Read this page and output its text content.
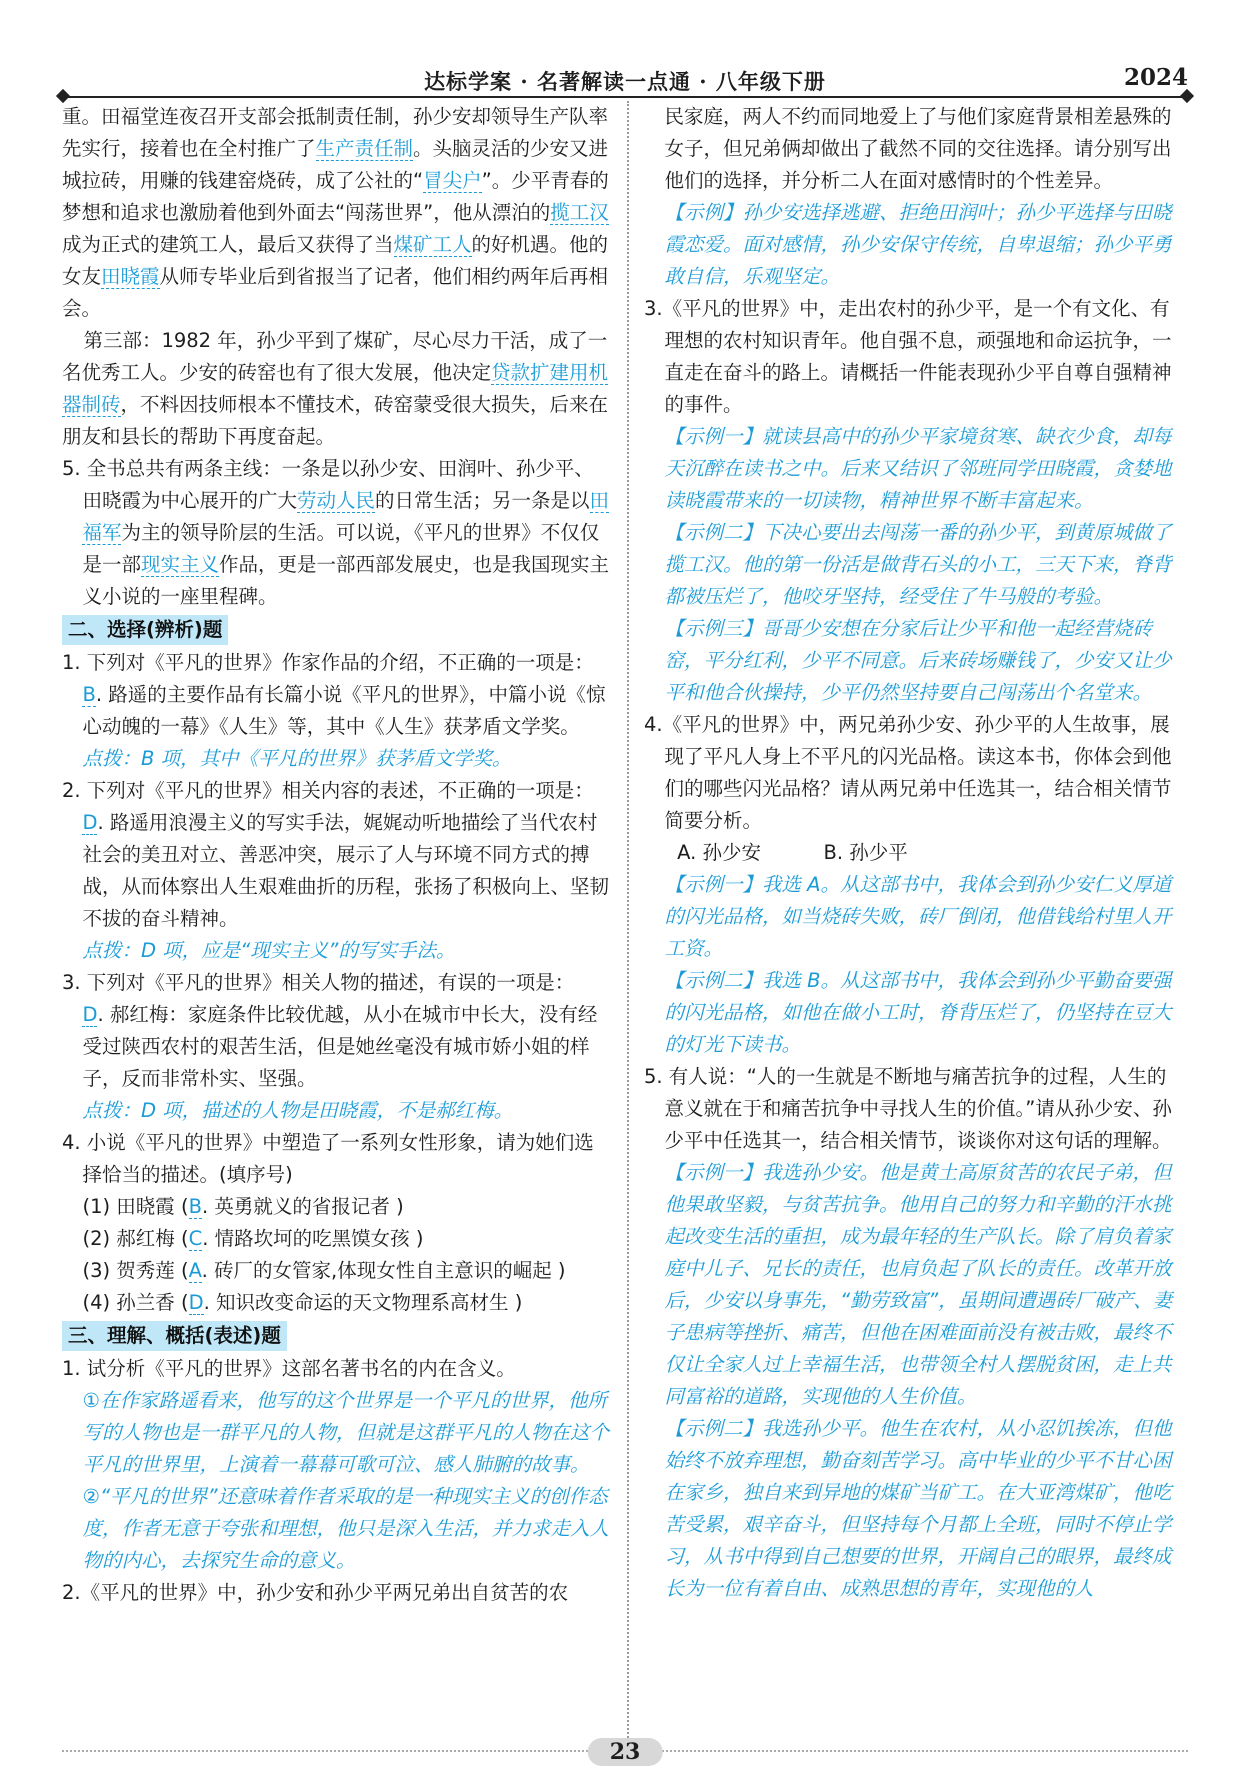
达标学案 · 名著解读一点通 · 八年级下册	2024

重。田福堂连夜召开支部会抵制责任制，孙少安却领导生产队率先实行，接着也在全村推广了生产责任制。头脑灵活的少安又进城拉砖，用赚的钱建窑烧砖，成了公社的“冒尖户”。少平青春的梦想和追求也激励着他到外面去“闯荡世界”，他从漂泊的揽工汉成为正式的建筑工人，最后又获得了当煤矿工人的好机遇。他的女友田晓霞从师专毕业后到省报当了记者，他们相约两年后再相会。

第三部：1982 年，孙少平到了煤矿，尽心尽力干活，成了一名优秀工人。少安的砖窑也有了很大发展，他决定贷款扩建用机器制砖，不料因技师根本不懂技术，砖窑蒙受很大损失，后来在朋友和县长的帮助下再度奋起。

5. 全书总共有两条主线：一条是以孙少安、田润叶、孙少平、田晓霞为中心展开的广大劳动人民的日常生活；另一条是以田福军为主的领导阶层的生活。可以说，《平凡的世界》不仅仅是一部现实主义作品，更是一部西部发展史，也是我国现实主义小说的一座里程碑。

二、选择(辨析)题

1. 下列对《平凡的世界》作家作品的介绍，不正确的一项是：

B. 路遥的主要作品有长篇小说《平凡的世界》，中篇小说《惊心动魄的一幕》《人生》等，其中《人生》获茅盾文学奖。

点拨：B 项，其中《平凡的世界》获茅盾文学奖。

2. 下列对《平凡的世界》相关内容的表述，不正确的一项是：

D. 路遥用浪漫主义的写实手法，娓娓动听地描绘了当代农村社会的美丑对立、善恶冲突，展示了人与环境不同方式的搏战，从而体察出人生艰难曲折的历程，张扬了积极向上、坚韧不拔的奋斗精神。

点拨：D 项，应是“现实主义”的写实手法。

3. 下列对《平凡的世界》相关人物的描述，有误的一项是：

D. 郝红梅：家庭条件比较优越，从小在城市中长大，没有经受过陕西农村的艰苦生活，但是她丝毫没有城市娇小姐的样子，反而非常朴实、坚强。

点拨：D 项，描述的人物是田晓霞，不是郝红梅。

4. 小说《平凡的世界》中塑造了一系列女性形象，请为她们选择恰当的描述。(填序号)

(1) 田晓霞 (B. 英勇就义的省报记者 )

(2) 郝红梅 (C. 情路坎坷的吃黑馍女孩 )

(3) 贺秀莲 (A. 砖厂的女管家,体现女性自主意识的崛起 )

(4) 孙兰香 (D. 知识改变命运的天文物理系高材生 )

三、理解、概括(表述)题

1. 试分析《平凡的世界》这部名著书名的内在含义。

①在作家路遥看来，他写的这个世界是一个平凡的世界，他所写的人物也是一群平凡的人物，但就是这群平凡的人物在这个平凡的世界里，上演着一幕幕可歌可泣、感人肺腑的故事。②“平凡的世界”还意味着作者采取的是一种现实主义的创作态度，作者无意于夸张和理想，他只是深入生活，并力求走入人物的内心，去探究生命的意义。

2.《平凡的世界》中，孙少安和孙少平两兄弟出自贫苦的农

民家庭，两人不约而同地爱上了与他们家庭背景相差悬殊的女子，但兄弟俩却做出了截然不同的交往选择。请分别写出他们的选择，并分析二人在面对感情时的个性差异。

【示例】孙少安选择逃避、拒绝田润叶；孙少平选择与田晓霞恋爱。面对感情，孙少安保守传统，自卑退缩；孙少平勇敢自信，乐观坚定。

3.《平凡的世界》中，走出农村的孙少平，是一个有文化、有理想的农村知识青年。他自强不息，顽强地和命运抗争，一直走在奋斗的路上。请概括一件能表现孙少平自尊自强精神的事件。

【示例一】就读县高中的孙少平家境贫寒、缺衣少食，却每天沉醉在读书之中。后来又结识了邻班同学田晓霞，贪婪地读晓霞带来的一切读物，精神世界不断丰富起来。

【示例二】下决心要出去闯荡一番的孙少平，到黄原城做了揽工汉。他的第一份活是做背石头的小工，三天下来，脊背都被压烂了，他咬牙坚持，经受住了牛马般的考验。

【示例三】哥哥少安想在分家后让少平和他一起经营烧砖窑，平分红利，少平不同意。后来砖场赚钱了，少安又让少平和他合伙操持，少平仍然坚持要自己闯荡出个名堂来。

4.《平凡的世界》中，两兄弟孙少安、孙少平的人生故事，展现了平凡人身上不平凡的闪光品格。读这本书，你体会到他们的哪些闪光品格？请从两兄弟中任选其一，结合相关情节简要分析。

A. 孙少安	B. 孙少平

【示例一】我选 A。从这部书中，我体会到孙少安仁义厚道的闪光品格，如当烧砖失败，砖厂倒闭，他借钱给村里人开工资。

【示例二】我选 B。从这部书中，我体会到孙少平勤奋要强的闪光品格，如他在做小工时，脊背压烂了，仍坚持在豆大的灯光下读书。

5. 有人说：“人的一生就是不断地与痛苦抗争的过程，人生的意义就在于和痛苦抗争中寻找人生的价值。”请从孙少安、孙少平中任选其一，结合相关情节，谈谈你对这句话的理解。

【示例一】我选孙少安。他是黄土高原贫苦的农民子弟，但他果敢坚毅，与贫苦抗争。他用自己的努力和辛勤的汗水挑起改变生活的重担，成为最年轻的生产队长。除了肩负着家庭中儿子、兄长的责任，也肩负起了队长的责任。改革开放后，少安以身事先，“勤劳致富”，虽期间遭遇砖厂破产、妻子患病等挫折、痛苦，但他在困难面前没有被击败，最终不仅让全家人过上幸福生活，也带领全村人摆脱贫困，走上共同富裕的道路，实现他的人生价值。

【示例二】我选孙少平。他生在农村，从小忍饥挨冻，但他始终不放弃理想，勤奋刻苦学习。高中毕业的少平不甘心困在家乡，独自来到异地的煤矿当矿工。在大亚湾煤矿，他吃苦受累，艰辛奋斗，但坚持每个月都上全班，同时不停止学习，从书中得到自己想要的世界，开阔自己的眼界，最终成长为一位有着自由、成熟思想的青年，实现他的人

23
